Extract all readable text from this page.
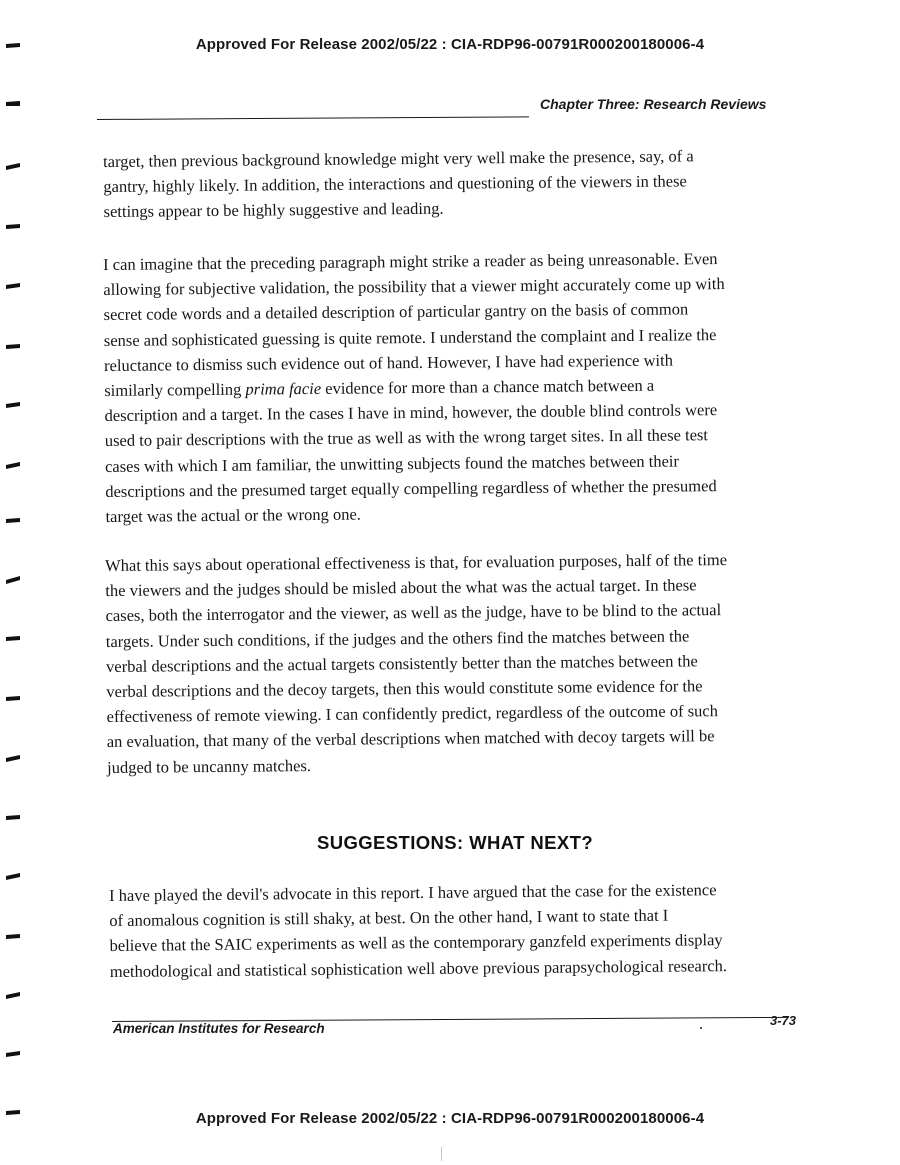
Approved For Release 2002/05/22 : CIA-RDP96-00791R000200180006-4
Chapter Three: Research Reviews
target, then previous background knowledge might very well make the presence, say, of a
gantry, highly likely. In addition, the interactions and questioning of the viewers in these
settings appear to be highly suggestive and leading.
I can imagine that the preceding paragraph might strike a reader as being unreasonable. Even
allowing for subjective validation, the possibility that a viewer might accurately come up with
secret code words and a detailed description of particular gantry on the basis of common
sense and sophisticated guessing is quite remote. I understand the complaint and I realize the
reluctance to dismiss such evidence out of hand. However, I have had experience with
similarly compelling prima facie evidence for more than a chance match between a
description and a target. In the cases I have in mind, however, the double blind controls were
used to pair descriptions with the true as well as with the wrong target sites. In all these test
cases with which I am familiar, the unwitting subjects found the matches between their
descriptions and the presumed target equally compelling regardless of whether the presumed
target was the actual or the wrong one.
What this says about operational effectiveness is that, for evaluation purposes, half of the time
the viewers and the judges should be misled about the what was the actual target. In these
cases, both the interrogator and the viewer, as well as the judge, have to be blind to the actual
targets. Under such conditions, if the judges and the others find the matches between the
verbal descriptions and the actual targets consistently better than the matches between the
verbal descriptions and the decoy targets, then this would constitute some evidence for the
effectiveness of remote viewing. I can confidently predict, regardless of the outcome of such
an evaluation, that many of the verbal descriptions when matched with decoy targets will be
judged to be uncanny matches.
SUGGESTIONS: WHAT NEXT?
I have played the devil's advocate in this report. I have argued that the case for the existence
of anomalous cognition is still shaky, at best. On the other hand, I want to state that I
believe that the SAIC experiments as well as the contemporary ganzfeld experiments display
methodological and statistical sophistication well above previous parapsychological research.
American Institutes for Research
3-73
Approved For Release 2002/05/22 : CIA-RDP96-00791R000200180006-4
